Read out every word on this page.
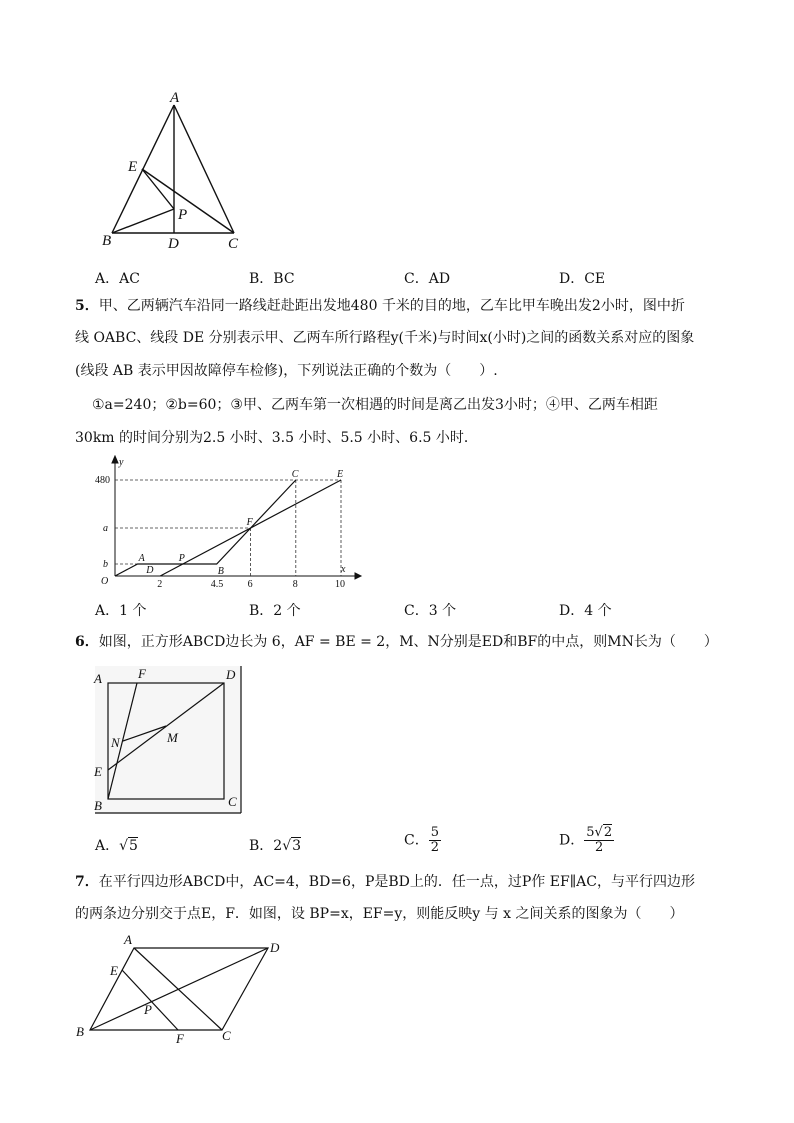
A
E
P
B	D	C
A．AC	B．BC	C．AD	D．CE
5．甲、乙两辆汽车沿同一路线赶赴距出发地480 千米的目的地，乙车比甲车晚出发2小时，图中折
线 OABC、线段 DE 分别表示甲、乙两车所行路程y(千米)与时间x(小时)之间的函数关系对应的图象
(线段 AB 表示甲因故障停车检修)，下列说法正确的个数为（　　）.
①a=240；②b=60；③甲、乙两车第一次相遇的时间是离乙出发3小时；④甲、乙两车相距
30km 的时间分别为2.5 小时、3.5 小时、5.5 小时、6.5 小时．
480
a
b
2	4.5 6	8	10
O
x
y
A	P
B
C
D
E
F
A．1 个	B．2 个	C．3 个	D．4 个
6．如图，正方形ABCD边长为 6，AF = BE = 2，M、N分别是ED和BF的中点，则MN长为（　　）
A	F	D
N	M
E
B	C
A．√5	B．2√3	C． $\frac{5}{2}$	D． $\frac{5√2}{2}$
7．在平行四边形ABCD中，AC=4，BD=6，P是BD上的．任一点，过P作 EF∥AC，与平行四边形
的两条边分别交于点E，F．如图，设 BP=x，EF=y，则能反映y 与 x 之间关系的图象为（　　）
A
D
E
P
B	F	C
